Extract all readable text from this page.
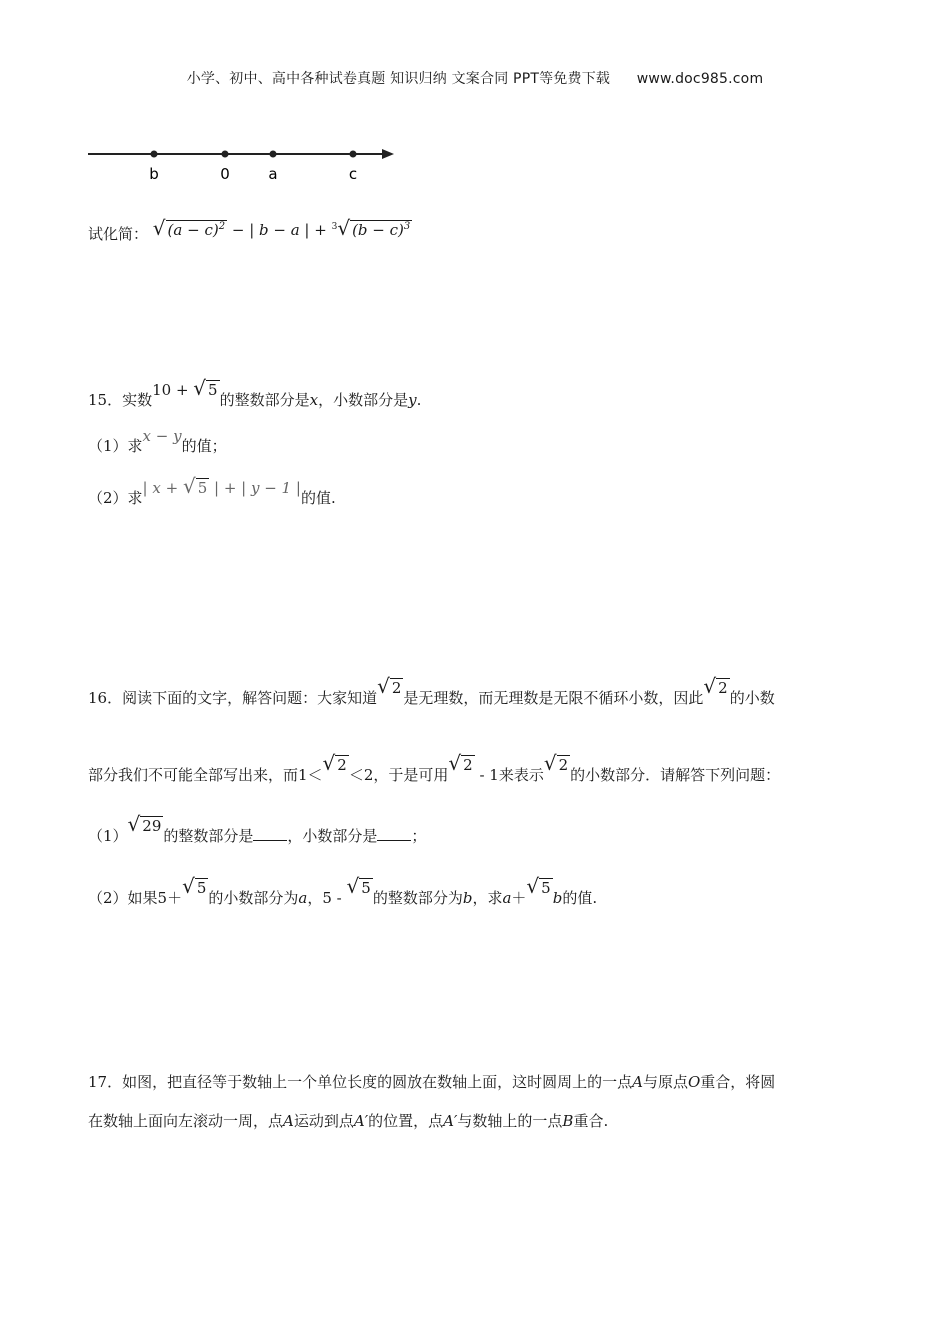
小学、初中、高中各种试卷真题 知识归纳 文案合同 PPT等免费下载 www.doc985.com
b	0	a	c
试化简： √ $(a - c)^2$ − | b − a | + $^3$√ $(b - c)^3$
15．实数10 + √ 5的整数部分是x，小数部分是y.
（1）求x − y的值；
（2）求| x + √ 5 | + | y − 1 |的值.
16．阅读下面的文字，解答问题：大家知道√ 2是无理数，而无理数是无限不循环小数，因此√ 2的小数
部分我们不可能全部写出来，而1＜√ 2＜2，于是可用√ 2 - 1来表示√ 2的小数部分．请解答下列问题：
（1）√ 29的整数部分是 ，小数部分是 ；
（2）如果5＋√ 5的小数部分为a，5 - √ 5的整数部分为b，求a＋√ 5b的值.
17．如图，把直径等于数轴上一个单位长度的圆放在数轴上面，这时圆周上的一点A与原点O重合，将圆
在数轴上面向左滚动一周，点A运动到点A′的位置，点A′与数轴上的一点B重合.
